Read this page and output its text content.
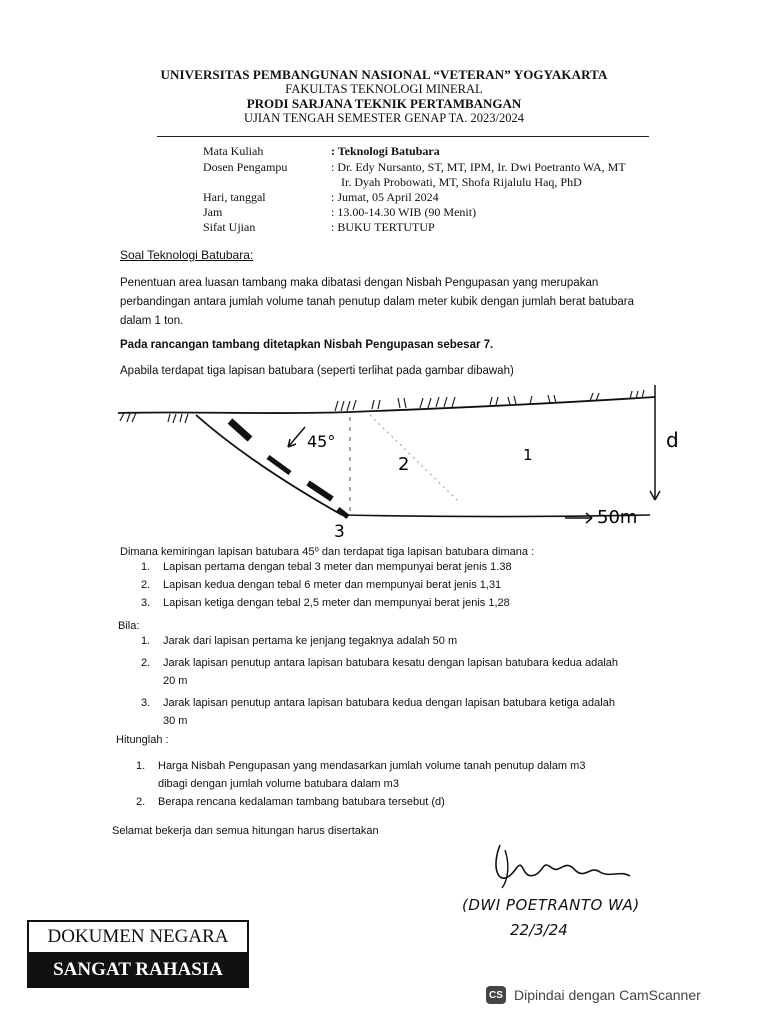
UNIVERSITAS PEMBANGUNAN NASIONAL “VETERAN” YOGYAKARTA
FAKULTAS TEKNOLOGI MINERAL
PRODI SARJANA TEKNIK PERTAMBANGAN
UJIAN TENGAH SEMESTER GENAP TA. 2023/2024
Mata Kuliah	: Teknologi Batubara
Dosen Pengampu	: Dr. Edy Nursanto, ST, MT, IPM, Ir. Dwi Poetranto WA, MT
Ir. Dyah Probowati, MT, Shofa Rijalulu Haq, PhD
Hari, tanggal	: Jumat, 05 April 2024
Jam	: 13.00-14.30 WIB (90 Menit)
Sifat Ujian	: BUKU TERTUTUP
Soal Teknologi Batubara:

Penentuan area luasan tambang maka dibatasi dengan Nisbah Pengupasan yang merupakan

perbandingan antara jumlah volume tanah penutup dalam meter kubik dengan jumlah berat batubara

dalam 1 ton.

Pada rancangan tambang ditetapkan Nisbah Pengupasan sebesar 7.
Apabila terdapat tiga lapisan batubara (seperti terlihat pada gambar dibawah)
45°
2	1
3
d
50m
Dimana kemiringan lapisan batubara 45⁰ dan terdapat tiga lapisan batubara dimana :
1. Lapisan pertama dengan tebal 3 meter dan mempunyai berat jenis 1.38
2. Lapisan kedua dengan tebal 6 meter dan mempunyai berat jenis 1,31
3. Lapisan ketiga dengan tebal 2,5 meter dan mempunyai berat jenis 1,28
Bila:
1. Jarak dari lapisan pertama ke jenjang tegaknya adalah 50 m
2. Jarak lapisan penutup antara lapisan batubara kesatu dengan lapisan batubara kedua adalah
20 m
3. Jarak lapisan penutup antara lapisan batubara kedua dengan lapisan batubara ketiga adalah
30 m
Hitunglah :
1. Harga Nisbah Pengupasan yang mendasarkan jumlah volume tanah penutup dalam m3
dibagi dengan jumlah volume batubara dalam m3
2. Berapa rencana kedalaman tambang batubara tersebut (d)
Selamat bekerja dan semua hitungan harus disertakan
(DWI POETRANTO WA)
22/3/24
DOKUMEN NEGARA
SANGAT RAHASIA
CS Dipindai dengan CamScanner
